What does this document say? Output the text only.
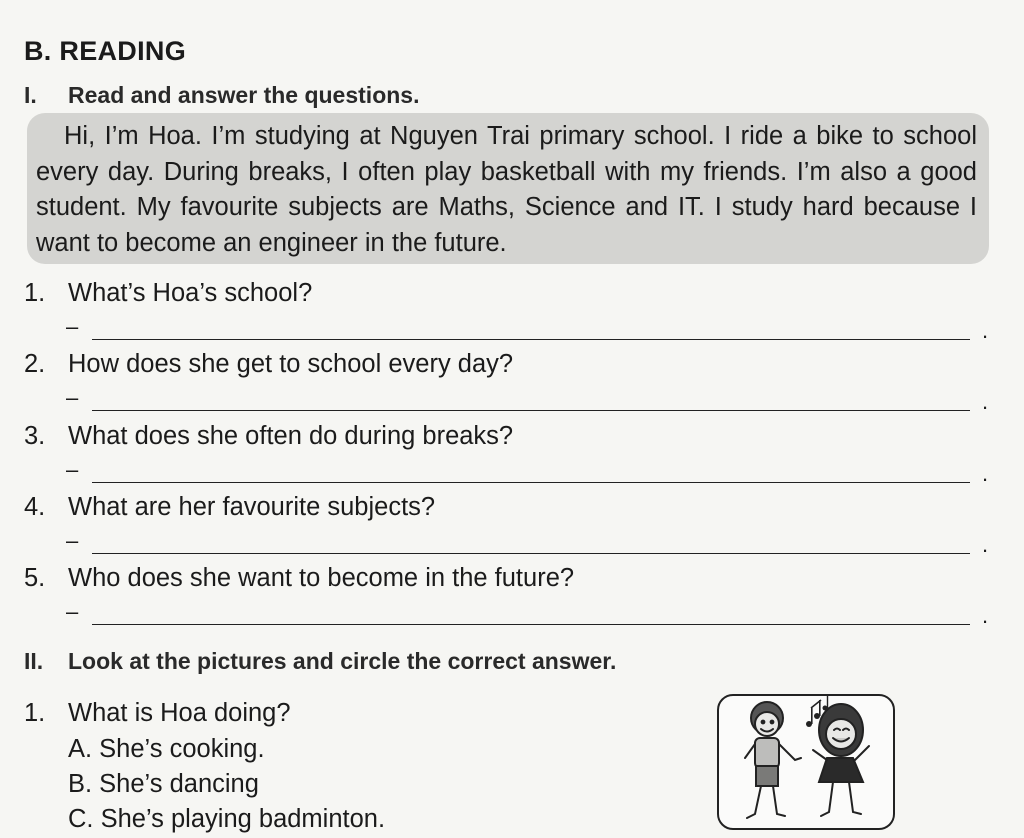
B. READING
I. Read and answer the questions.

Hi, I’m Hoa. I’m studying at Nguyen Trai primary school. I ride a bike to school every day. During breaks, I often play basketball with my friends. I’m also a good student. My favourite subjects are Maths, Science and IT. I study hard because I want to become an engineer in the future.

1. What’s Hoa’s school?
–	.
2. How does she get to school every day?
–	.
3. What does she often do during breaks?
–	.
4. What are her favourite subjects?
–	.
5. Who does she want to become in the future?
–	.
II. Look at the pictures and circle the correct answer.
1. What is Hoa doing?
A. She’s cooking.
B. She’s dancing
C. She’s playing badminton.
